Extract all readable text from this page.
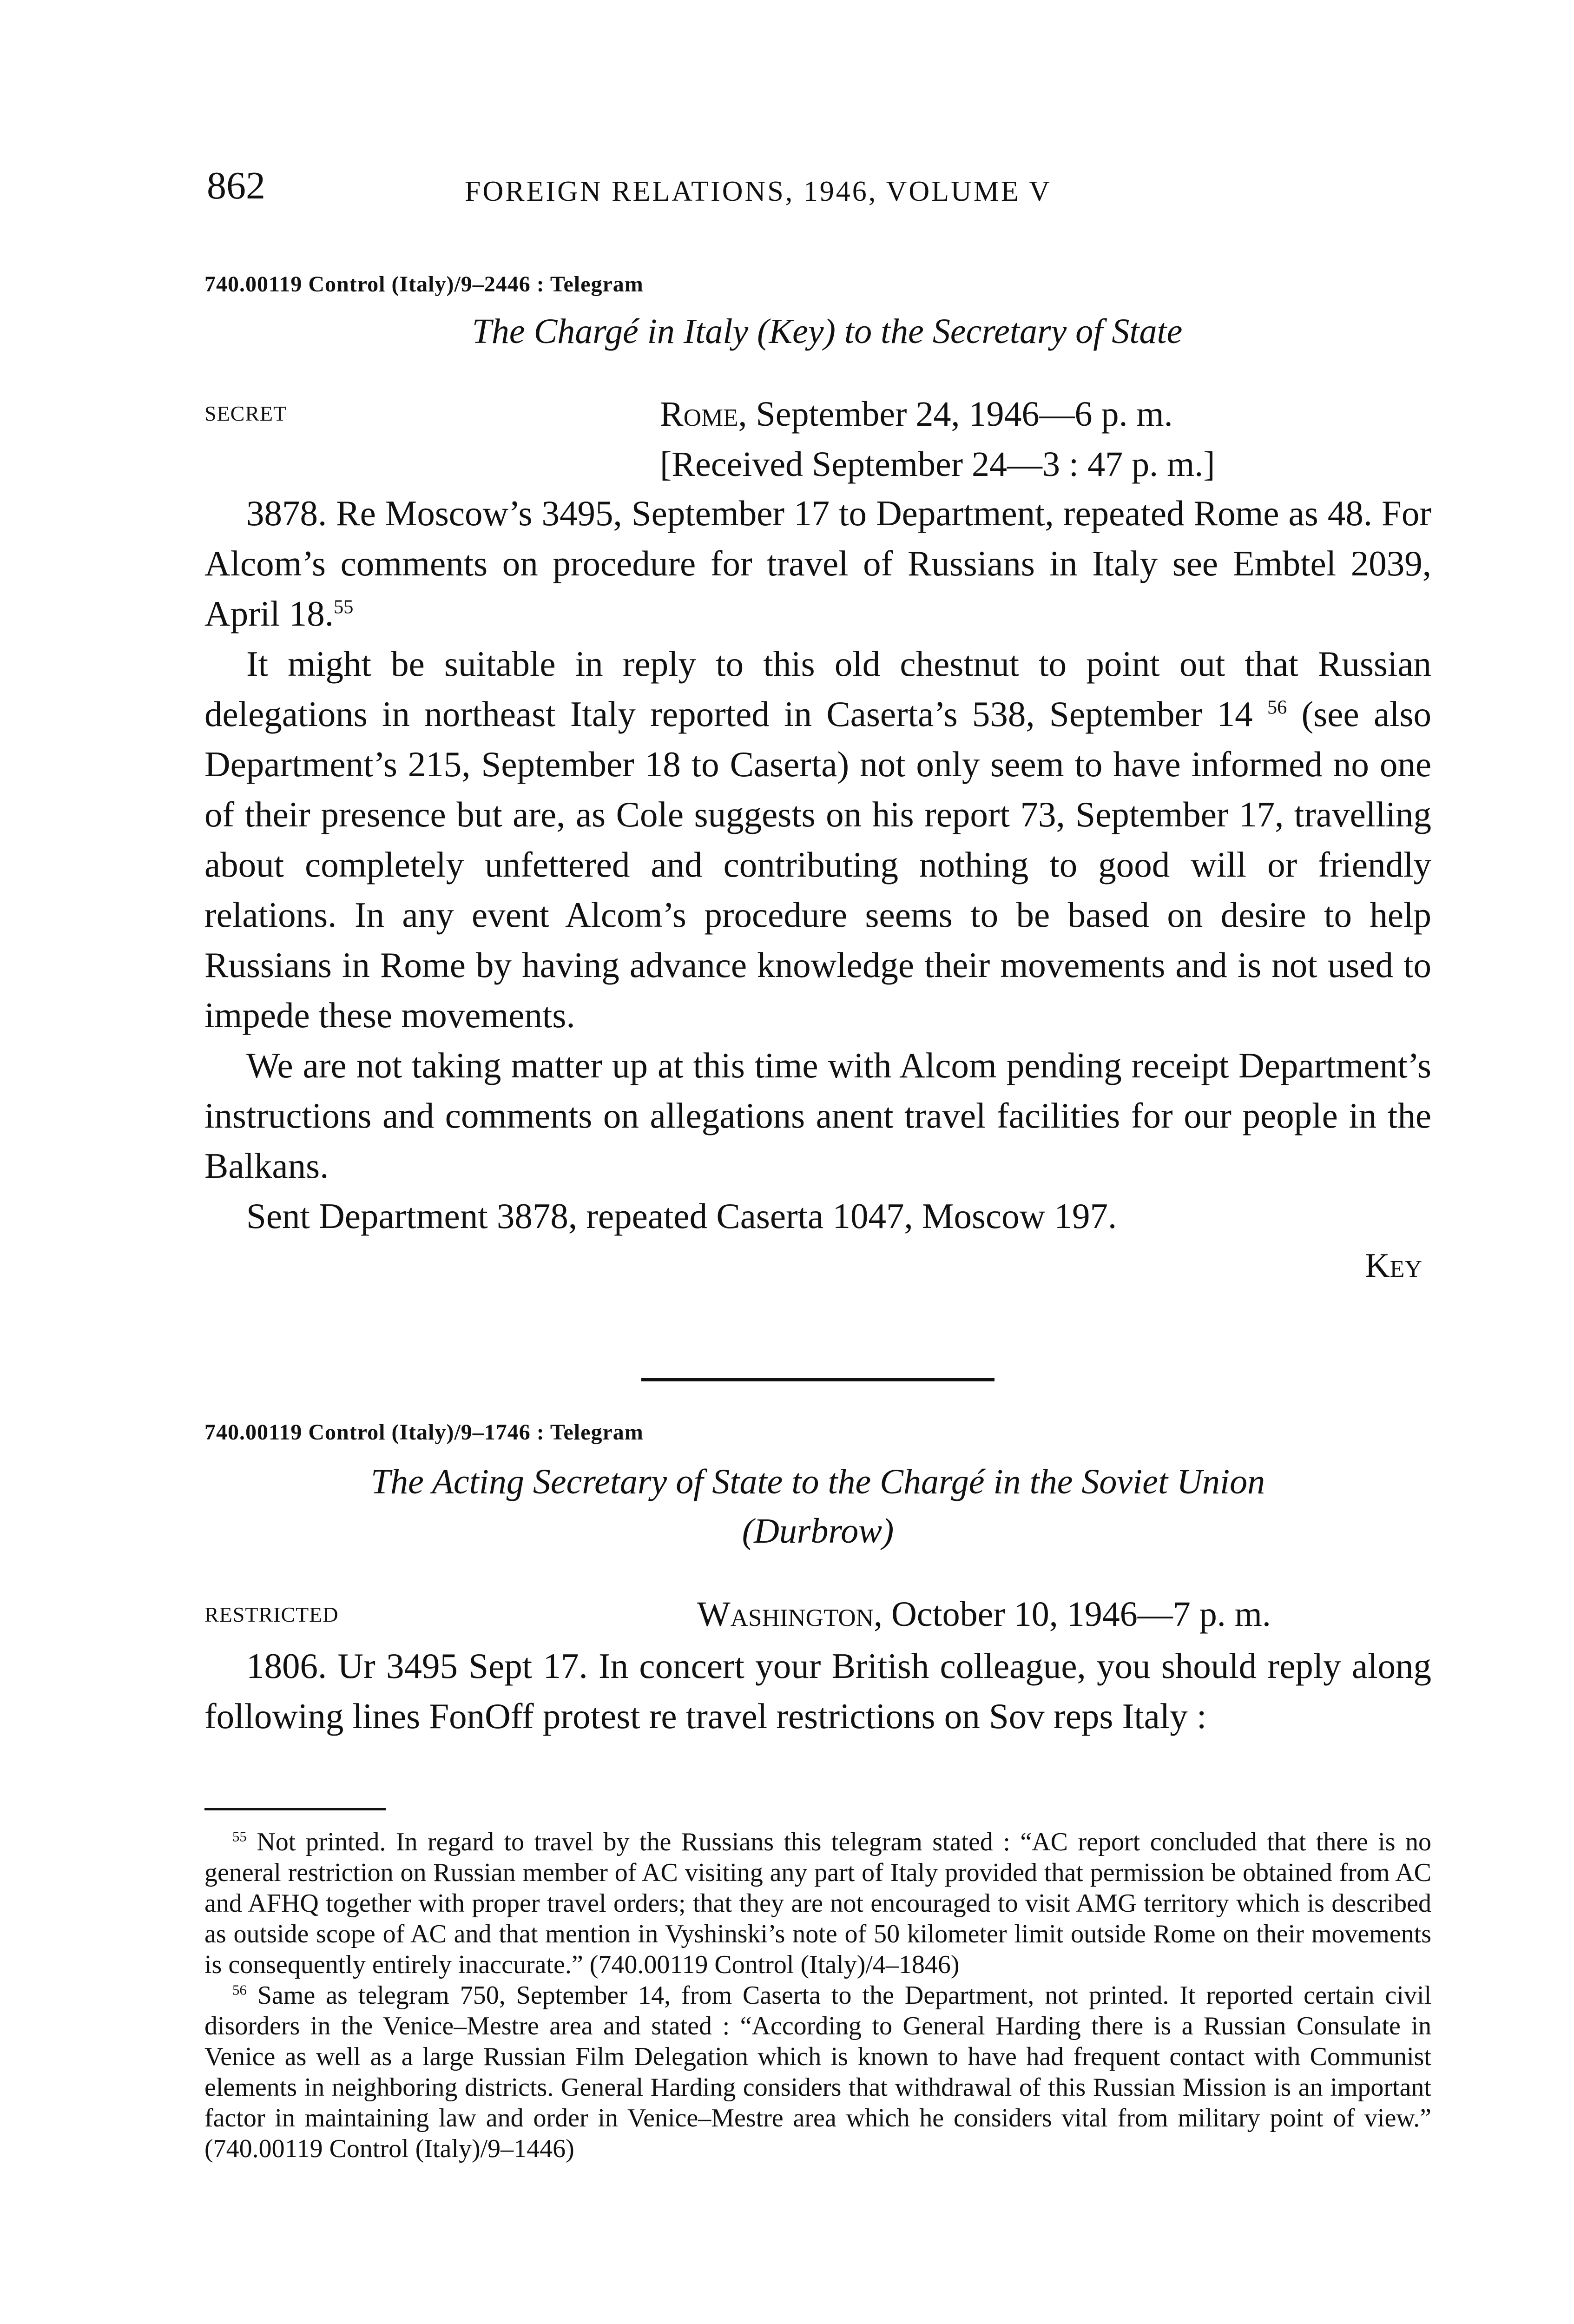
862	FOREIGN RELATIONS, 1946, VOLUME V
740.00119 Control (Italy)/9–2446 : Telegram
The Chargé in Italy (Key) to the Secretary of State
SECRET	Rome, September 24, 1946—6 p. m.
[Received September 24—3 : 47 p. m.]

3878. Re Moscow’s 3495, September 17 to Department, repeated Rome as 48. For Alcom’s comments on procedure for travel of Russians in Italy see Embtel 2039, April 18.55

It might be suitable in reply to this old chestnut to point out that Russian delegations in northeast Italy reported in Caserta’s 538, September 14 $^{56}$ (see also Department’s 215, September 18 to Caserta) not only seem to have informed no one of their presence but are, as Cole suggests on his report 73, September 17, travelling about completely unfettered and contributing nothing to good will or friendly relations. In any event Alcom’s procedure seems to be based on desire to help Russians in Rome by having advance knowledge their movements and is not used to impede these movements.

We are not taking matter up at this time with Alcom pending receipt Department’s instructions and comments on allegations anent travel facilities for our people in the Balkans.

Sent Department 3878, repeated Caserta 1047, Moscow 197.

Key
740.00119 Control (Italy)/9–1746 : Telegram
The Acting Secretary of State to the Chargé in the Soviet Union
(Durbrow)
RESTRICTED	Washington, October 10, 1946—7 p. m.

1806. Ur 3495 Sept 17. In concert your British colleague, you should reply along following lines FonOff protest re travel restrictions on Sov reps Italy :

$^{55}$ Not printed. In regard to travel by the Russians this telegram stated : “AC report concluded that there is no general restriction on Russian member of AC visiting any part of Italy provided that permission be obtained from AC and AFHQ together with proper travel orders; that they are not encouraged to visit AMG territory which is described as outside scope of AC and that mention in Vyshinski’s note of 50 kilometer limit outside Rome on their movements is consequently entirely inaccurate.” (740.00119 Control (Italy)/4–1846)

$^{56}$ Same as telegram 750, September 14, from Caserta to the Department, not printed. It reported certain civil disorders in the Venice–Mestre area and stated : “According to General Harding there is a Russian Consulate in Venice as well as a large Russian Film Delegation which is known to have had frequent contact with Communist elements in neighboring districts. General Harding considers that withdrawal of this Russian Mission is an important factor in maintaining law and order in Venice–Mestre area which he considers vital from military point of view.” (740.00119 Control (Italy)/9–1446)
